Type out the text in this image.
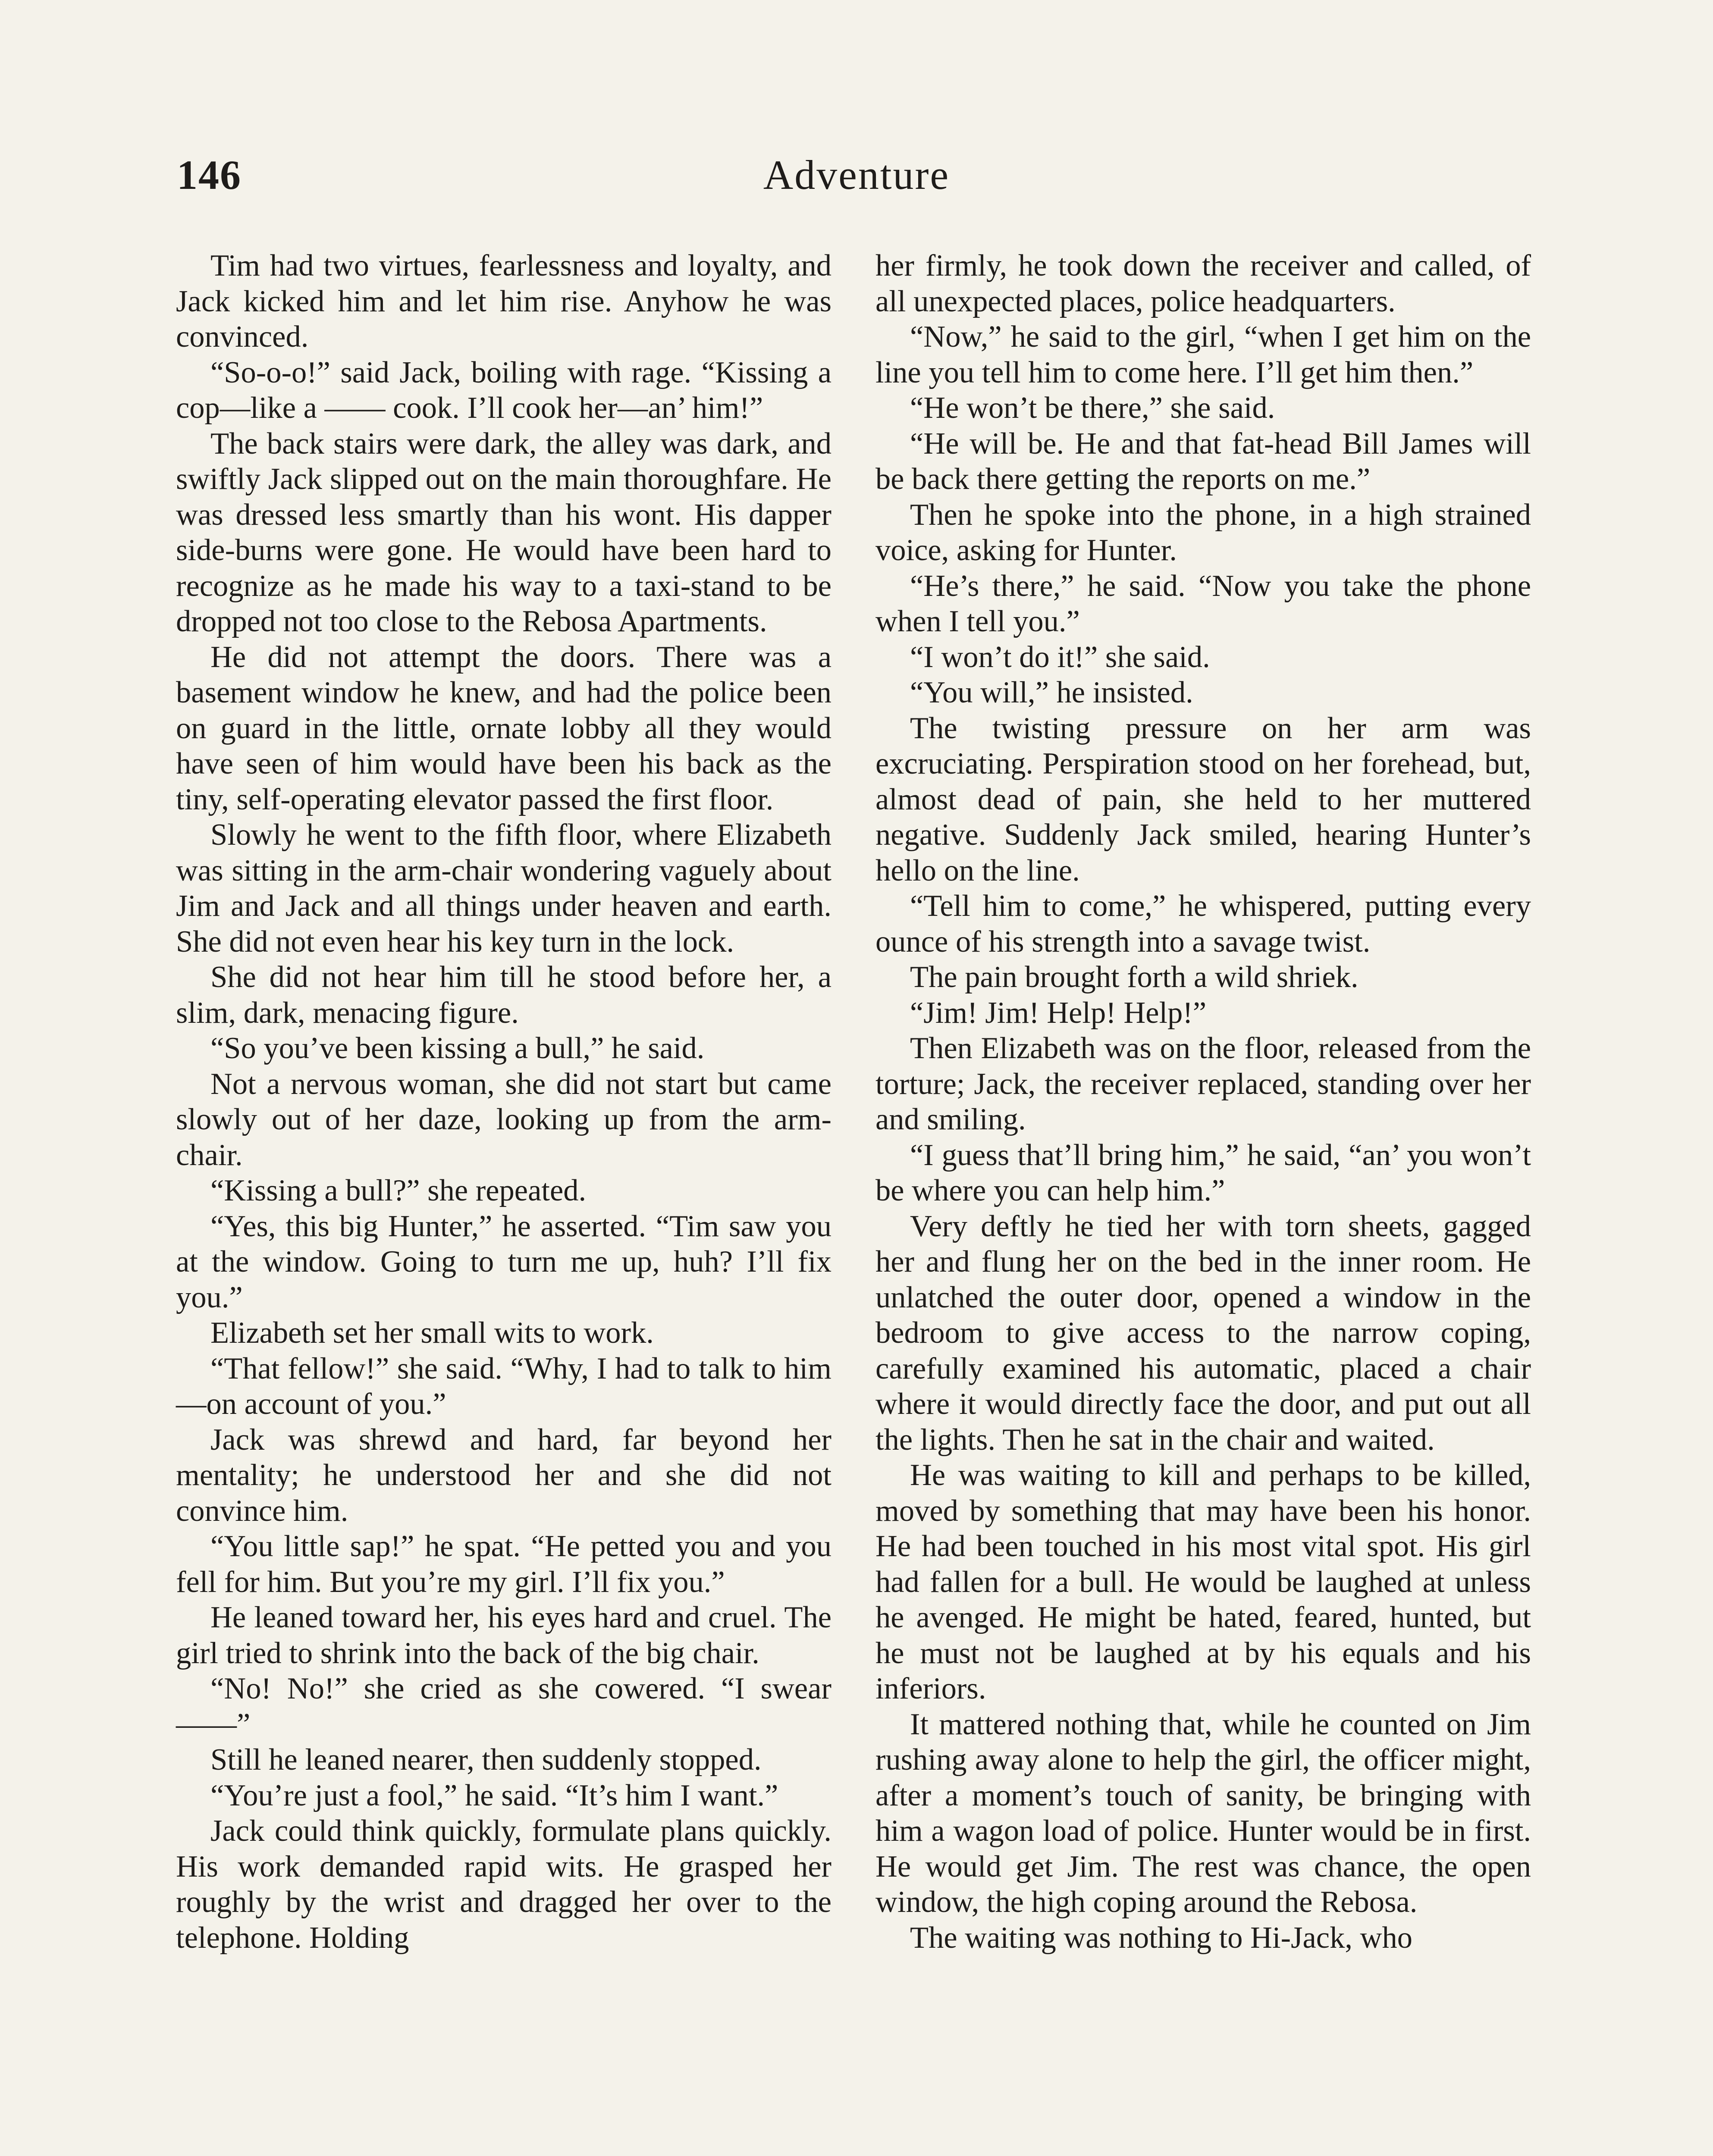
146	Adventure

Tim had two virtues, fearlessness and loyalty, and Jack kicked him and let him rise. Anyhow he was convinced.

“So-o-o!” said Jack, boiling with rage. “Kissing a cop—like a —— cook. I’ll cook her—an’ him!”

The back stairs were dark, the alley was dark, and swiftly Jack slipped out on the main thoroughfare. He was dressed less smartly than his wont. His dapper side-burns were gone. He would have been hard to recognize as he made his way to a taxi-stand to be dropped not too close to the Rebosa Apartments.

He did not attempt the doors. There was a basement window he knew, and had the police been on guard in the little, ornate lobby all they would have seen of him would have been his back as the tiny, self-operating elevator passed the first floor.

Slowly he went to the fifth floor, where Elizabeth was sitting in the arm-chair wondering vaguely about Jim and Jack and all things under heaven and earth. She did not even hear his key turn in the lock.

She did not hear him till he stood before her, a slim, dark, menacing figure.

“So you’ve been kissing a bull,” he said.

Not a nervous woman, she did not start but came slowly out of her daze, looking up from the arm-chair.

“Kissing a bull?” she repeated.

“Yes, this big Hunter,” he asserted. “Tim saw you at the window. Going to turn me up, huh? I’ll fix you.”

Elizabeth set her small wits to work.

“That fellow!” she said. “Why, I had to talk to him—on account of you.”

Jack was shrewd and hard, far beyond her mentality; he understood her and she did not convince him.

“You little sap!” he spat. “He petted you and you fell for him. But you’re my girl. I’ll fix you.”

He leaned toward her, his eyes hard and cruel. The girl tried to shrink into the back of the big chair.

“No! No!” she cried as she cowered. “I swear——”

Still he leaned nearer, then suddenly stopped.

“You’re just a fool,” he said. “It’s him I want.”

Jack could think quickly, formulate plans quickly. His work demanded rapid wits. He grasped her roughly by the wrist and dragged her over to the telephone. Holding

her firmly, he took down the receiver and called, of all unexpected places, police headquarters.

“Now,” he said to the girl, “when I get him on the line you tell him to come here. I’ll get him then.”

“He won’t be there,” she said.

“He will be. He and that fat-head Bill James will be back there getting the reports on me.”

Then he spoke into the phone, in a high strained voice, asking for Hunter.

“He’s there,” he said. “Now you take the phone when I tell you.”

“I won’t do it!” she said.

“You will,” he insisted.

The twisting pressure on her arm was excruciating. Perspiration stood on her forehead, but, almost dead of pain, she held to her muttered negative. Suddenly Jack smiled, hearing Hunter’s hello on the line.

“Tell him to come,” he whispered, putting every ounce of his strength into a savage twist.

The pain brought forth a wild shriek.

“Jim! Jim! Help! Help!”

Then Elizabeth was on the floor, released from the torture; Jack, the receiver replaced, standing over her and smiling.

“I guess that’ll bring him,” he said, “an’ you won’t be where you can help him.”

Very deftly he tied her with torn sheets, gagged her and flung her on the bed in the inner room. He unlatched the outer door, opened a window in the bedroom to give access to the narrow coping, carefully examined his automatic, placed a chair where it would directly face the door, and put out all the lights. Then he sat in the chair and waited.

He was waiting to kill and perhaps to be killed, moved by something that may have been his honor. He had been touched in his most vital spot. His girl had fallen for a bull. He would be laughed at unless he avenged. He might be hated, feared, hunted, but he must not be laughed at by his equals and his inferiors.

It mattered nothing that, while he counted on Jim rushing away alone to help the girl, the officer might, after a moment’s touch of sanity, be bringing with him a wagon load of police. Hunter would be in first. He would get Jim. The rest was chance, the open window, the high coping around the Rebosa.

The waiting was nothing to Hi-Jack, who
